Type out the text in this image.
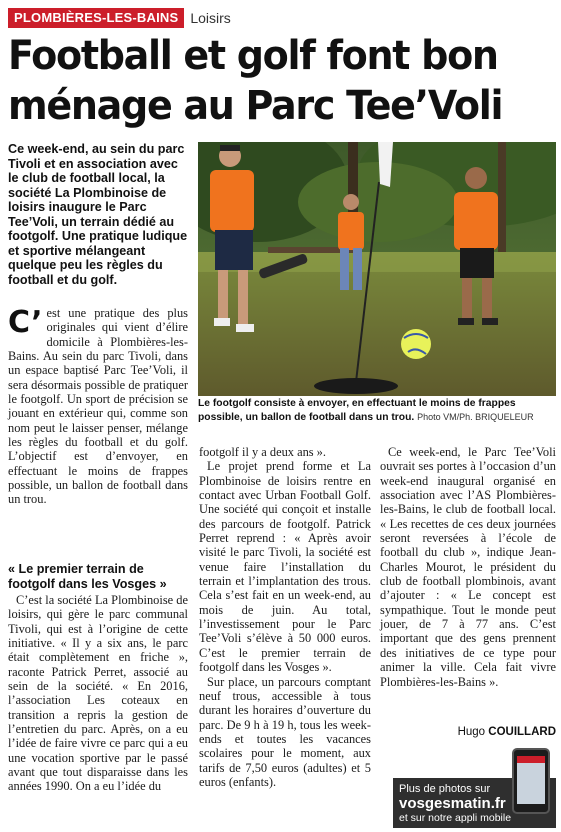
PLOMBIÈRES-LES-BAINS Loisirs
Football et golf font bon
ménage au Parc Tee’Voli
Ce week-end, au sein du parc Tivoli et en association avec le club de football local, la société La Plombinoise de loisirs inaugure le Parc Tee’Voli, un terrain dédié au footgolf. Une pratique ludique et sportive mélangeant quelque peu les règles du football et du golf.
Le footgolf consiste à envoyer, en effectuant le moins de frappes possible, un ballon de football dans un trou. Photo VM/Ph. BRIQUELEUR
C’ est une pratique des plus originales qui vient d’élire domicile à Plombières-les-Bains. Au sein du parc Tivoli, dans un espace baptisé Parc Tee’Voli, il sera désormais possible de pratiquer le footgolf. Un sport de précision se jouant en extérieur qui, comme son nom peut le laisser penser, mélange les règles du football et du golf. L’objectif est d’envoyer, en effectuant le moins de frappes possible, un ballon de football dans un trou.

« Le premier terrain de footgolf dans les Vosges »

C’est la société La Plombinoise de loisirs, qui gère le parc communal Tivoli, qui est à l’origine de cette initiative. « Il y a six ans, le parc était complètement en friche », raconte Patrick Perret, associé au sein de la société. « En 2016, l’association Les coteaux en transition a repris la gestion de l’entretien du parc. Après, on a eu l’idée de faire vivre ce parc qui a eu une vocation sportive par le passé avant que tout disparaisse dans les années 1990. On a eu l’idée du

footgolf il y a deux ans ».

Le projet prend forme et La Plombinoise de loisirs rentre en contact avec Urban Football Golf. Une société qui conçoit et installe des parcours de footgolf. Patrick Perret reprend : « Après avoir visité le parc Tivoli, la société est venue faire l’installation du terrain et l’implantation des trous. Cela s’est fait en un week-end, au mois de juin. Au total, l’investissement pour le Parc Tee’Voli s’élève à 50 000 euros. C’est le premier terrain de footgolf dans les Vosges ».

Sur place, un parcours comptant neuf trous, accessible à tous durant les horaires d’ouverture du parc. De 9 h à 19 h, tous les week-ends et toutes les vacances scolaires pour le moment, aux tarifs de 7,50 euros (adultes) et 5 euros (enfants).

Ce week-end, le Parc Tee’Voli ouvrait ses portes à l’occasion d’un week-end inaugural organisé en association avec l’AS Plombières-les-Bains, le club de football local. « Les recettes de ces deux journées seront reversées à l’école de football du club », indique Jean-Charles Mourot, le président du club de football plombinois, avant d’ajouter : « Le concept est sympathique. Tout le monde peut jouer, de 7 à 77 ans. C’est important que des gens prennent des initiatives de ce type pour animer la ville. Cela fait vivre Plombières-les-Bains ».

Hugo COUILLARD
Plus de photos sur
vosgesmatin.fr
et sur notre appli mobile
